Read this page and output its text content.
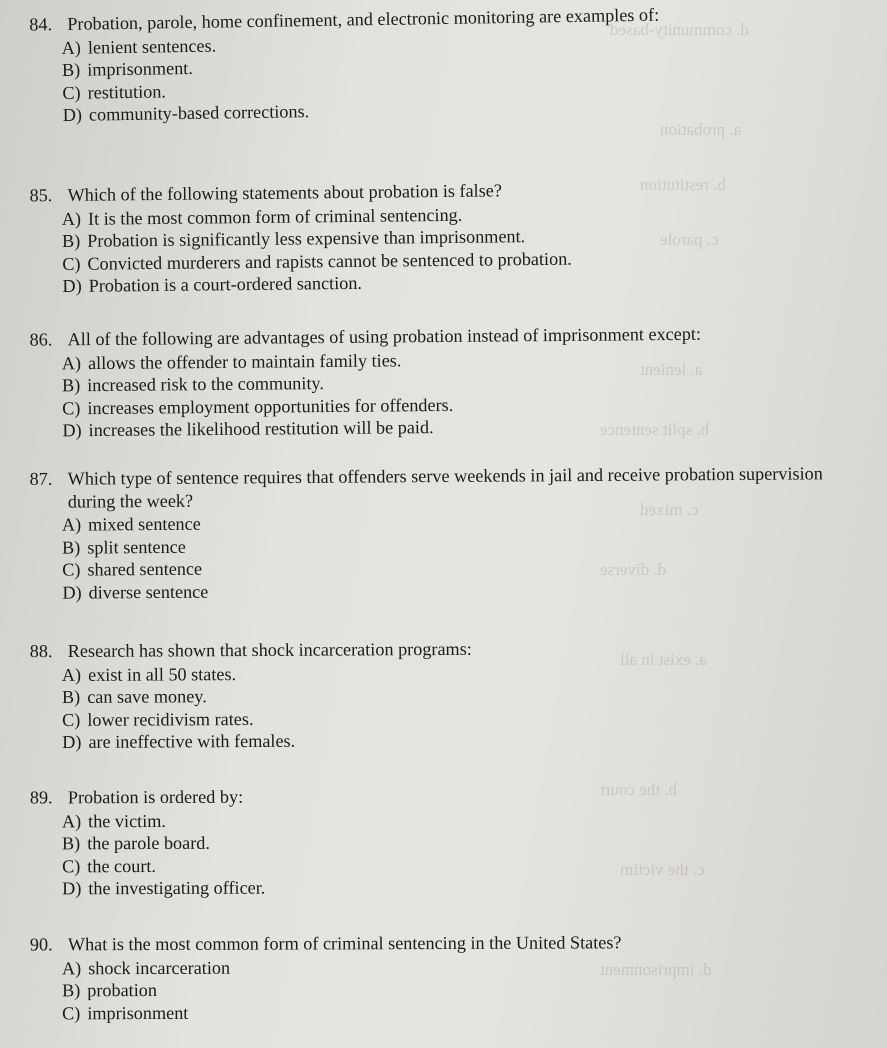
d. community-based
a. probation
b. restitution
c. parole
a. lenient
b. split sentence
c. mixed
d. diverse
a. exist in all
b. the court
c. the victim
d. imprisonment
84. Probation, parole, home confinement, and electronic monitoring are examples of:
A) lenient sentences.
B) imprisonment.
C) restitution.
D) community-based corrections.
85. Which of the following statements about probation is false?
A) It is the most common form of criminal sentencing.
B) Probation is significantly less expensive than imprisonment.
C) Convicted murderers and rapists cannot be sentenced to probation.
D) Probation is a court-ordered sanction.
86. All of the following are advantages of using probation instead of imprisonment except:
A) allows the offender to maintain family ties.
B) increased risk to the community.
C) increases employment opportunities for offenders.
D) increases the likelihood restitution will be paid.
87. Which type of sentence requires that offenders serve weekends in jail and receive probation supervision during the week?
A) mixed sentence
B) split sentence
C) shared sentence
D) diverse sentence
88. Research has shown that shock incarceration programs:
A) exist in all 50 states.
B) can save money.
C) lower recidivism rates.
D) are ineffective with females.
89. Probation is ordered by:
A) the victim.
B) the parole board.
C) the court.
D) the investigating officer.
90. What is the most common form of criminal sentencing in the United States?
A) shock incarceration
B) probation
C) imprisonment
